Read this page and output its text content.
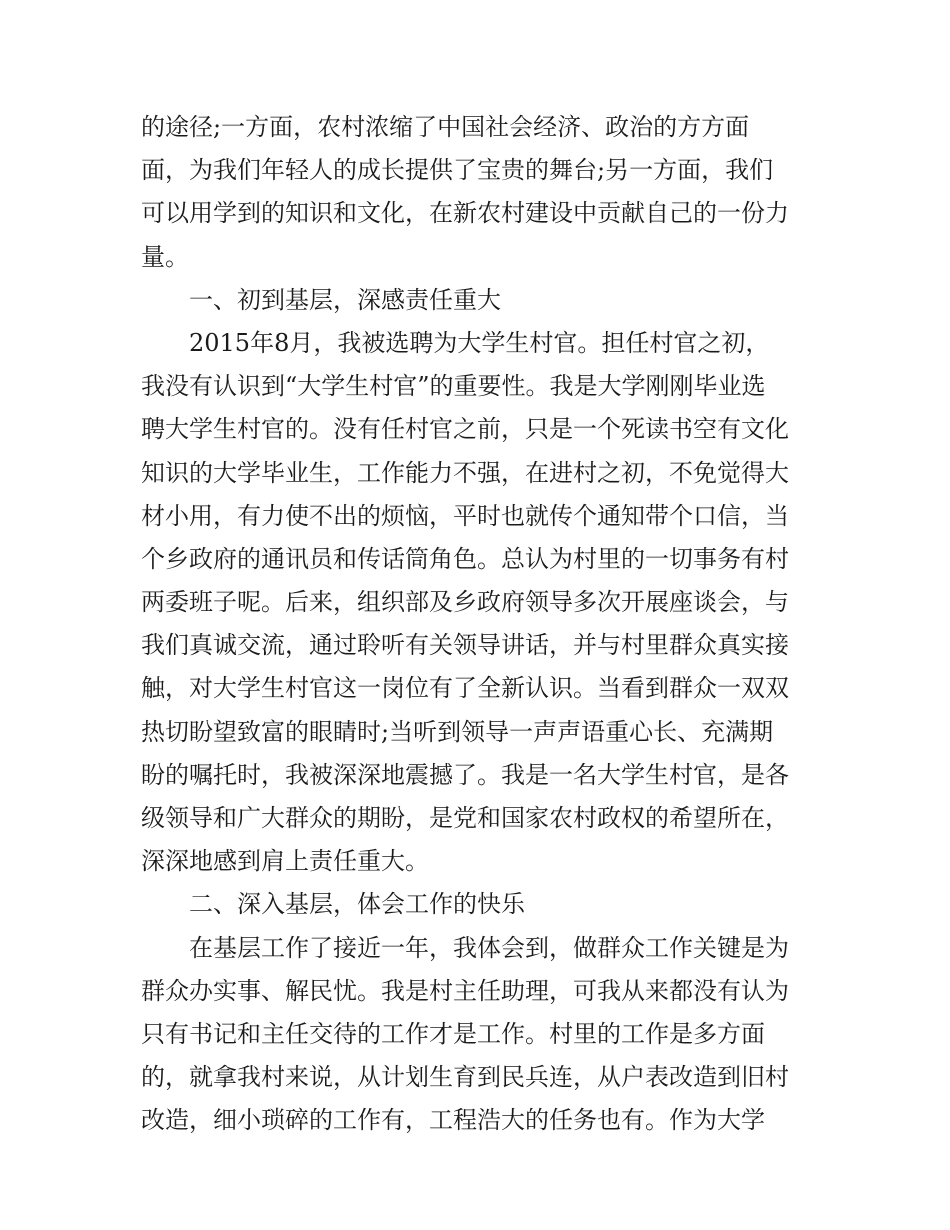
的途径;一方面，农村浓缩了中国社会经济、政治的方方面
面，为我们年轻人的成长提供了宝贵的舞台;另一方面，我们
可以用学到的知识和文化，在新农村建设中贡献自己的一份力
量。
一、初到基层，深感责任重大
2015年8月，我被选聘为大学生村官。担任村官之初，
我没有认识到“大学生村官”的重要性。我是大学刚刚毕业选
聘大学生村官的。没有任村官之前，只是一个死读书空有文化
知识的大学毕业生，工作能力不强，在进村之初，不免觉得大
材小用，有力使不出的烦恼，平时也就传个通知带个口信，当
个乡政府的通讯员和传话筒角色。总认为村里的一切事务有村
两委班子呢。后来，组织部及乡政府领导多次开展座谈会，与
我们真诚交流，通过聆听有关领导讲话，并与村里群众真实接
触，对大学生村官这一岗位有了全新认识。当看到群众一双双
热切盼望致富的眼睛时;当听到领导一声声语重心长、充满期
盼的嘱托时，我被深深地震撼了。我是一名大学生村官，是各
级领导和广大群众的期盼，是党和国家农村政权的希望所在，
深深地感到肩上责任重大。
二、深入基层，体会工作的快乐
在基层工作了接近一年，我体会到，做群众工作关键是为
群众办实事、解民忧。我是村主任助理，可我从来都没有认为
只有书记和主任交待的工作才是工作。村里的工作是多方面
的，就拿我村来说，从计划生育到民兵连，从户表改造到旧村
改造，细小琐碎的工作有，工程浩大的任务也有。作为大学
